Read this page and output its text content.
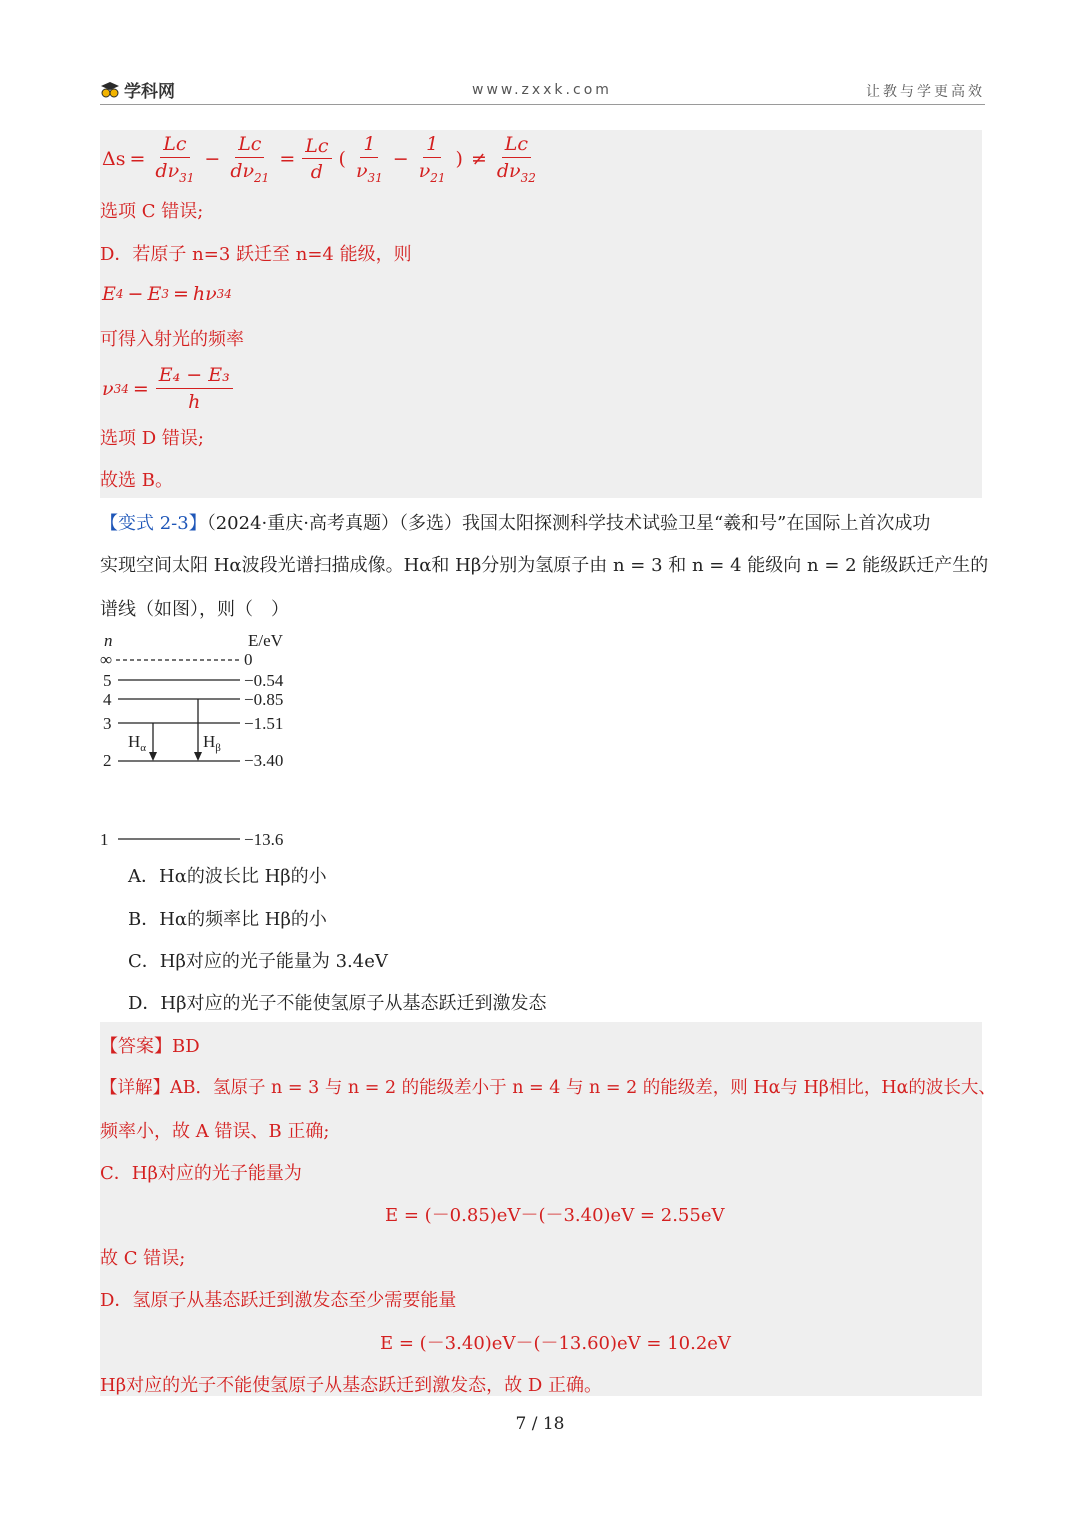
学科网	www.zxxk.com	让教与学更高效
$\Delta s = \frac{Lc}{d\nu_{31}} - \frac{Lc}{d\nu_{21}} = \frac{Lc}{d}$ ( $\frac{1}{\nu_{31}} - \frac{1}{\nu_{21}}$ ) ≠ $\frac{Lc}{d\nu_{32}}$
选项 C 错误;
D．若原子 n=3 跃迁至 n=4 能级，则
E 4 − E 3 = hν 34
可得入射光的频率
ν $34 = \frac{\text{E₄ − E₃}}{h}$
选项 D 错误;
故选 B。
【变式 2-3】（2024·重庆·高考真题）（多选）我国太阳探测科学技术试验卫星“羲和号”在国际上首次成功
实现空间太阳 Hα波段光谱扫描成像。Hα和 Hβ分别为氢原子由 n = 3 和 n = 4 能级向 n = 2 能级跃迁产生的
谱线（如图），则（　）
n	E/eV
∞	0
5	−0.54
4	−0.85
3	−1.51
2	−3.40
1	−13.6
$H_\alpha$	$H_\beta$
A．Hα的波长比 Hβ的小
B．Hα的频率比 Hβ的小
C．Hβ对应的光子能量为 3.4eV
D．Hβ对应的光子不能使氢原子从基态跃迁到激发态
【答案】BD
【详解】AB．氢原子 n = 3 与 n = 2 的能级差小于 n = 4 与 n = 2 的能级差，则 Hα与 Hβ相比，Hα的波长大、
频率小，故 A 错误、B 正确;
C．Hβ对应的光子能量为
E = (－0.85)eV－(－3.40)eV = 2.55eV
故 C 错误;
D．氢原子从基态跃迁到激发态至少需要能量
E = (－3.40)eV－(－13.60)eV = 10.2eV
Hβ对应的光子不能使氢原子从基态跃迁到激发态，故 D 正确。
7 / 18
